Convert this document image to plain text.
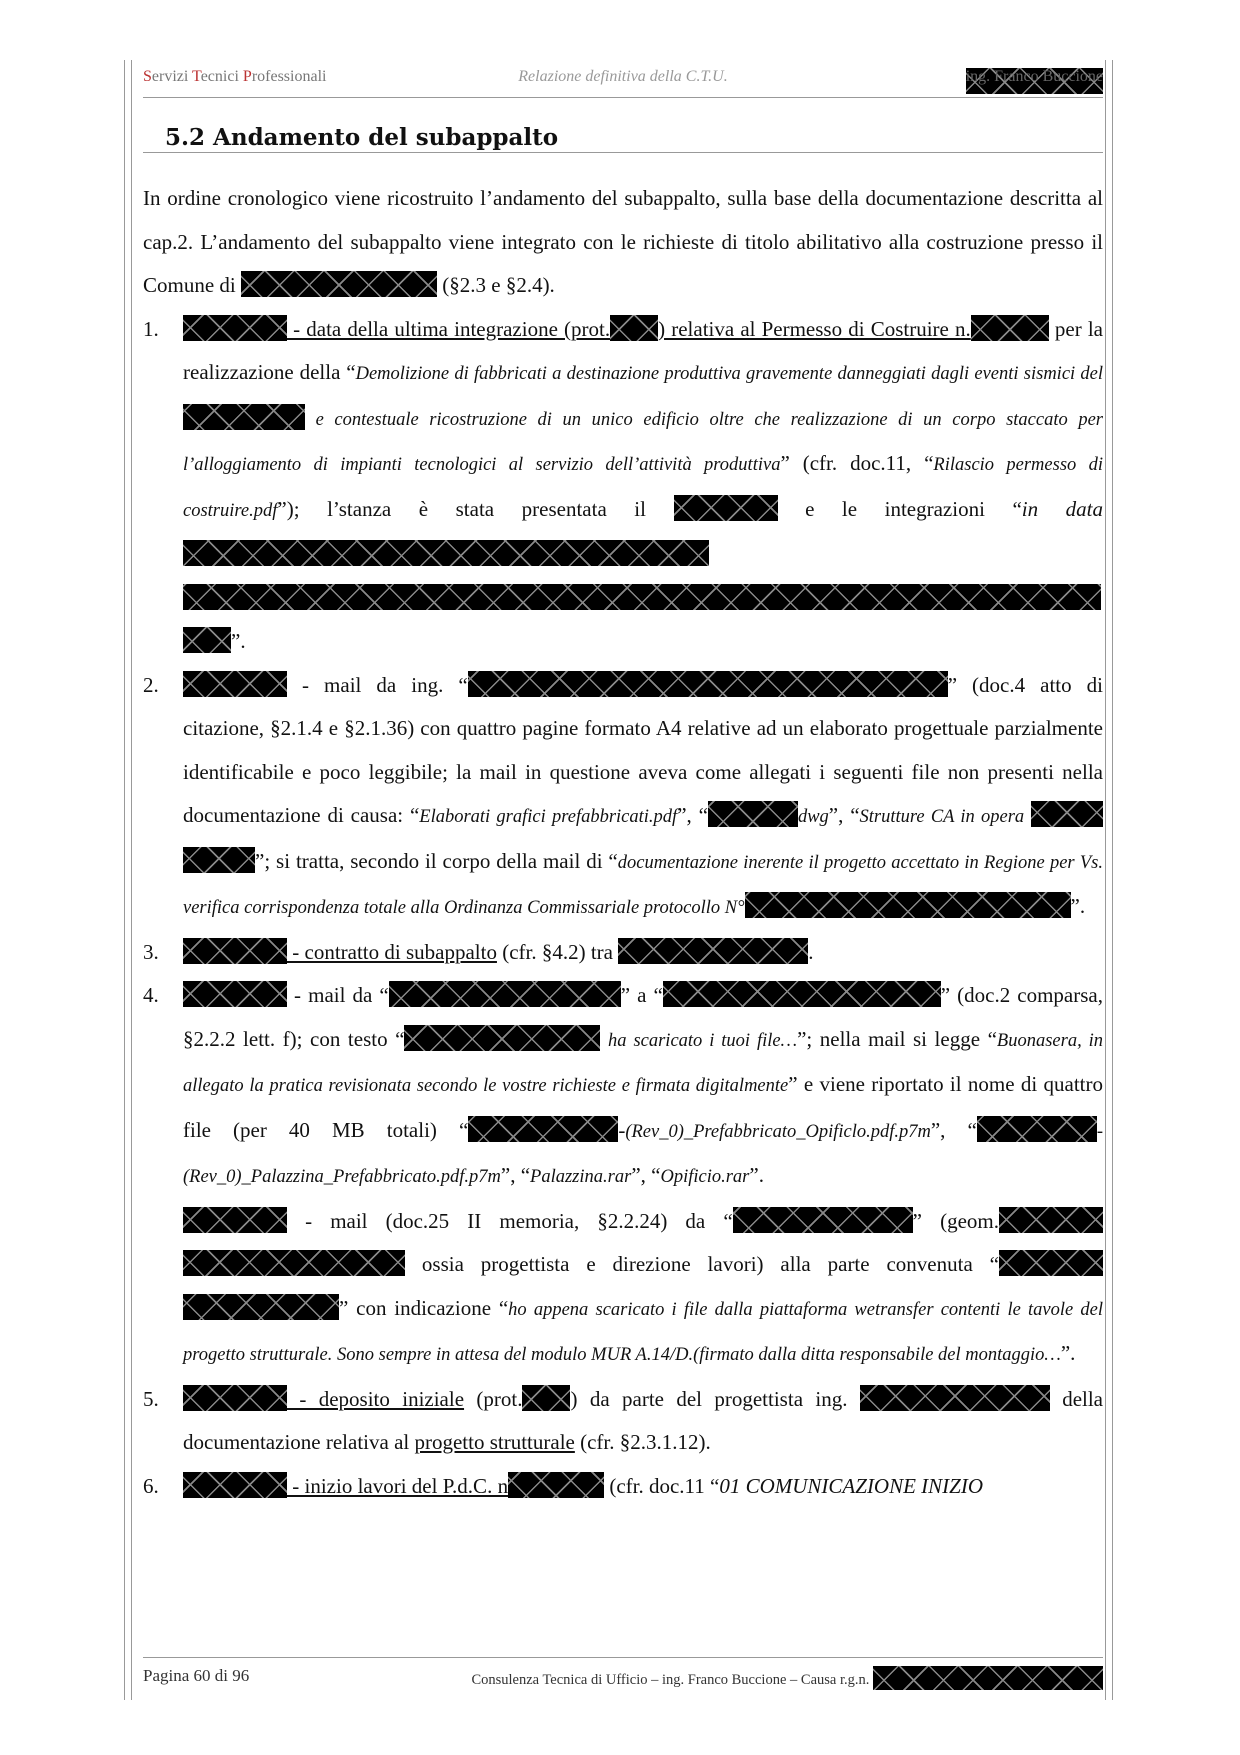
Servizi Tecnici Professionali	Relazione definitiva della C.T.U.	ing. Franco Buccione
5.2 Andamento del subappalto

In ordine cronologico viene ricostruito l’andamento del subappalto, sulla base della documentazione descritta al cap.2. L’andamento del subappalto viene integrato con le richieste di titolo abilitativo alla costruzione presso il Comune di	(§2.3 e §2.4).

1.	- data della ultima integrazione (prot. ) relativa al Permesso di Costruire n.	per la realizzazione della “Demolizione di fabbricati a destinazione produttiva gravemente danneggiati dagli eventi sismici del  e contestuale ricostruzione di un unico edificio oltre che realizzazione di un corpo staccato per l’alloggiamento di impianti tecnologici al servizio dell’attività produttiva” (cfr. doc.11, “Rilascio permesso di costruire.pdf”); l’stanza è stata presentata il	e le integrazioni “in data   ”.
2.	- mail da ing. “	” (doc.4 atto di citazione, §2.1.4 e §2.1.36) con quattro pagine formato A4 relative ad un elaborato progettuale parzialmente identificabile e poco leggibile; la mail in questione aveva come allegati i seguenti file non presenti nella documentazione di causa: “Elaborati grafici prefabbricati.pdf”, “	dwg”, “Strutture CA in opera  ”; si tratta, secondo il corpo della mail di “documentazione inerente il progetto accettato in Regione per Vs. verifica corrispondenza totale alla Ordinanza Commissariale protocollo N°	”.
3.	- contratto di subappalto (cfr. §4.2) tra	.
4.	- mail da “	” a “	” (doc.2 comparsa, §2.2.2 lett. f); con testo “	ha scaricato i tuoi file…”; nella mail si legge “Buonasera, in allegato la pratica revisionata secondo le vostre richieste e firmata digitalmente” e viene riportato il nome di quattro file (per 40 MB totali) “	-(Rev_0)_Prefabbricato_Opificlo.pdf.p7m”, “	-(Rev_0)_Palazzina_Prefabbricato.pdf.p7m”, “Palazzina.rar”, “Opificio.rar”.
- mail (doc.25 II memoria, §2.2.24) da “	” (geom.  ossia progettista e direzione lavori) alla parte convenuta “ ” con indicazione “ho appena scaricato i file dalla piattaforma wetransfer contenti le tavole del progetto strutturale. Sono sempre in attesa del modulo MUR A.14/D.(firmato dalla ditta responsabile del montaggio…”.
5.	- deposito iniziale (prot. ) da parte del progettista ing.	della documentazione relativa al progetto strutturale (cfr. §2.3.1.12).
6.	- inizio lavori del P.d.C. n	(cfr. doc.11 “01 COMUNICAZIONE INIZIO
Pagina 60 di 96	Consulenza Tecnica di Ufficio – ing. Franco Buccione – Causa r.g.n.
